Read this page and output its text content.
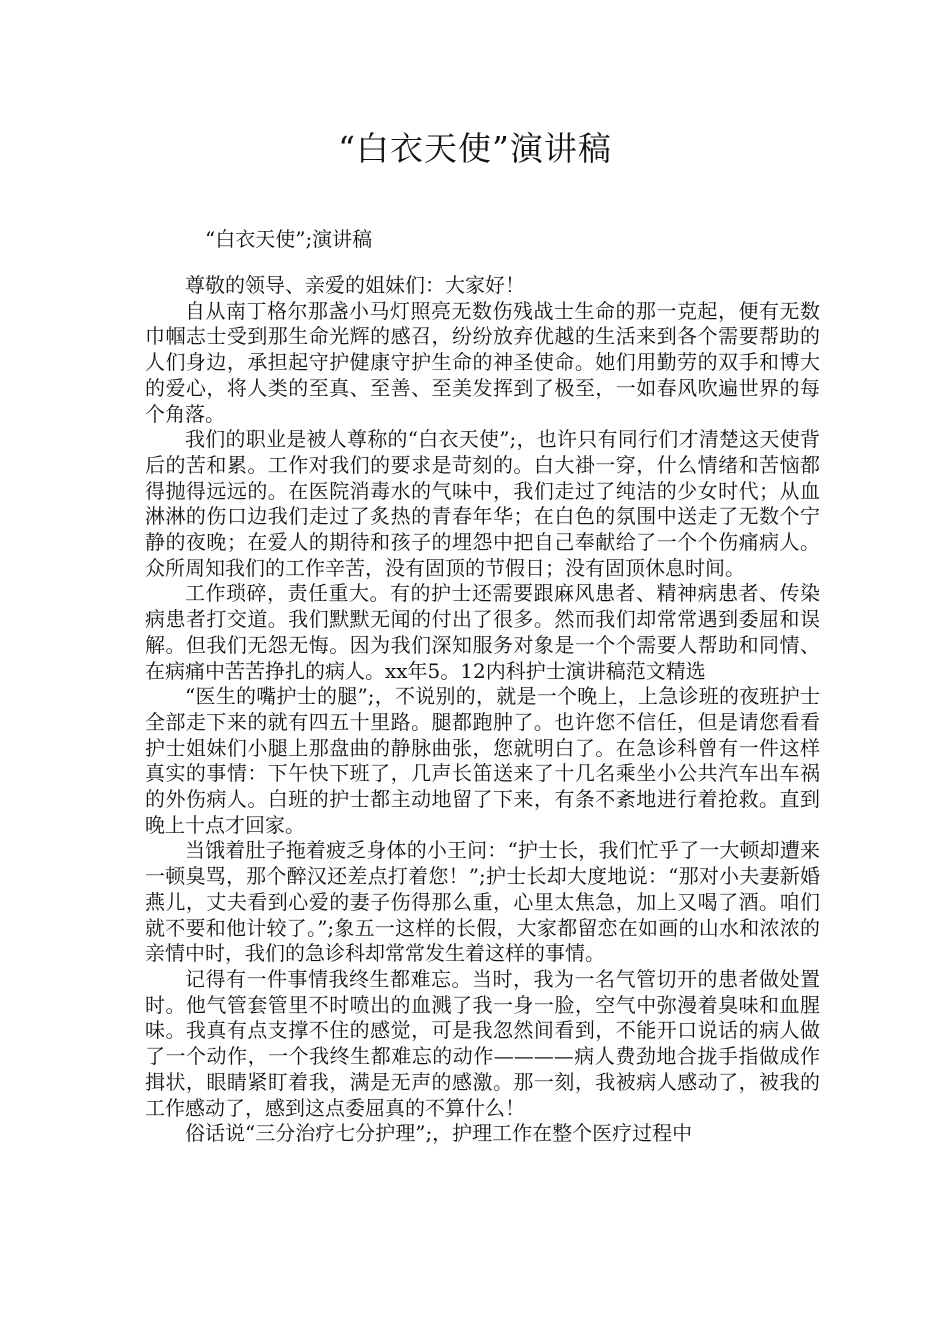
“白衣天使”演讲稿
“白衣天使”;演讲稿

尊敬的领导、亲爱的姐妹们：大家好！

自从南丁格尔那盏小马灯照亮无数伤残战士生命的那一克起，便有无数巾帼志士受到那生命光辉的感召，纷纷放弃优越的生活来到各个需要帮助的人们身边，承担起守护健康守护生命的神圣使命。她们用勤劳的双手和博大的爱心，将人类的至真、至善、至美发挥到了极至，一如春风吹遍世界的每个角落。

我们的职业是被人尊称的“白衣天使”;，也许只有同行们才清楚这天使背后的苦和累。工作对我们的要求是苛刻的。白大褂一穿，什么情绪和苦恼都得抛得远远的。在医院消毒水的气味中，我们走过了纯洁的少女时代；从血淋淋的伤口边我们走过了炙热的青春年华；在白色的氛围中送走了无数个宁静的夜晚；在爱人的期待和孩子的埋怨中把自己奉献给了一个个伤痛病人。众所周知我们的工作辛苦，没有固顶的节假日；没有固顶休息时间。

工作琐碎，责任重大。有的护士还需要跟麻风患者、精神病患者、传染病患者打交道。我们默默无闻的付出了很多。然而我们却常常遇到委屈和误解。但我们无怨无悔。因为我们深知服务对象是一个个需要人帮助和同情、在病痛中苦苦挣扎的病人。xx年5。12内科护士演讲稿范文精选

“医生的嘴护士的腿”;，不说别的，就是一个晚上，上急诊班的夜班护士全部走下来的就有四五十里路。腿都跑肿了。也许您不信任，但是请您看看护士姐妹们小腿上那盘曲的静脉曲张，您就明白了。在急诊科曾有一件这样真实的事情：下午快下班了，几声长笛送来了十几名乘坐小公共汽车出车祸的外伤病人。白班的护士都主动地留了下来，有条不紊地进行着抢救。直到晚上十点才回家。

当饿着肚子拖着疲乏身体的小王问：“护士长，我们忙乎了一大顿却遭来一顿臭骂，那个醉汉还差点打着您！”;护士长却大度地说：“那对小夫妻新婚燕儿，丈夫看到心爱的妻子伤得那么重，心里太焦急，加上又喝了酒。咱们就不要和他计较了。”;象五一这样的长假，大家都留恋在如画的山水和浓浓的亲情中时，我们的急诊科却常常发生着这样的事情。

记得有一件事情我终生都难忘。当时，我为一名气管切开的患者做处置时。他气管套管里不时喷出的血溅了我一身一脸，空气中弥漫着臭味和血腥味。我真有点支撑不住的感觉，可是我忽然间看到，不能开口说话的病人做了一个动作，一个我终生都难忘的动作————病人费劲地合拢手指做成作揖状，眼睛紧盯着我，满是无声的感激。那一刻，我被病人感动了，被我的工作感动了，感到这点委屈真的不算什么！

俗话说“三分治疗七分护理”;，护理工作在整个医疗过程中
